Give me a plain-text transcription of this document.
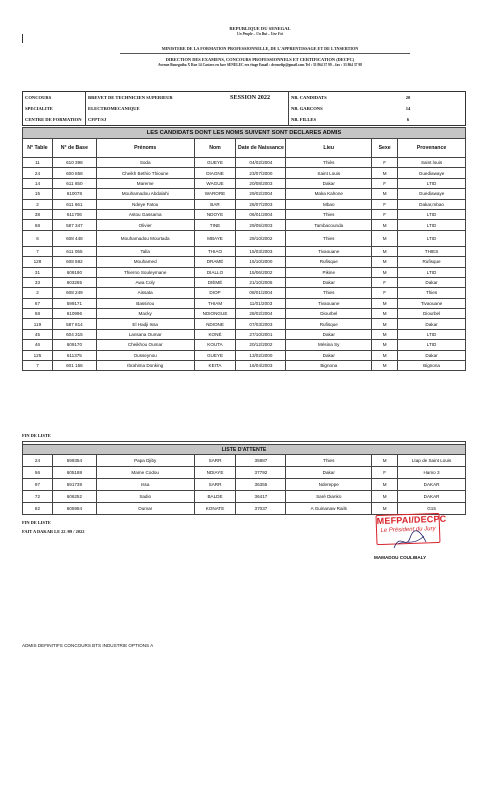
REPUBLIQUE DU SENEGAL
Un Peuple – Un But – Une Foi
MINISTERE DE LA FORMATION PROFESSIONNELLE, DE L'APPRENTISSAGE ET DE L'INSERTION
DIRECTION DES EXAMENS, CONCOURS PROFESSIONNELS ET CERTIFICATION (DECPC)
Avenue Bourguiba X Rue 14 Castors en face SENELEC rez étage Email : decmefip@gmail.com Tel : 33 864 37 99 – fax : 33 864 37 98
CONCOURS	BREVET DE TECHNICIEN SUPERIEUR	SESSION 2022	NB. CANDIDATS	20
SPECIALITE	ELECTROMECANIQUE		NB. GARCONS	14
CENTRE DE FORMATION	CFPT/SJ		NB. FILLES	6
LES CANDIDATS DONT LES NOMS SUIVENT SONT DECLARES ADMIS							
N° Table	N° de Base	Prénoms	Nom	Date de Naissance	Lieu	Sexe	Provenance
11	610 398	Soda	GUEYE	04/02/2004	Thiès	F	Saint louis
24	600 858	Cheikh Bethio Thioune	DIAGNE	23/07/2000	Saint Louis	M	Guediawaye
14	611 650	Mareme	WAGUE	20/08/2003	Dakar	F	LTID
15	610078	Mouhamadou Abdalahi	WARORE	29/02/2004	Maka Kahone	M	Guediawaye
2	611 661	Ndeye Fatou	BAR	26/07/2003	Mbao	F	Dakar,mbao
38	611706	Astou Gassama	NDOYE	06/01/2004	Thies	F	LTID
68	587 347	Olivier	TINE	29/05/2003	Tambacounda	M	LTID
6	608 448	Mouhamadou Mourtada	MBAYE	29/10/2002	Thies	M	LTID
7	611 055	Talla	THIAO	15/03/2003	Tivaouane	M	THIES
128	608 582	Mouhamed	DRAMÉ	15/10/2000	Rufisque	M	Rufisque
31	609190	Thierno Souleymane	DIALLO	15/06/2002	Pikine	M	LTID
33	603265	Awa Coly	DIÈMÉ	21/10/2005	Dakar	F	Dakar
2	608 249	Aissata	DIOP	08/01/2004	Thies	F	Thies
67	599171	Bassirou	THIAM	11/01/2003	Tivaouane	M	Tivaouane
58	610996	Macky	NDIONGUE	28/02/2004	Diourbel	M	Diourbel
119	587 814	El Hadji Issa	NDIONE	07/03/2003	Rufisque	M	Dakar
45	604 315	Lansana Oumar	KONÉ	27/10/2001	Dakar	M	LTID
46	609170	Cheikhou Oumar	KOUTA	20/12/2002	Mésina Sy	M	LTID
125	611375	Ousseynou	GUEYE	13/02/2000	Dakar	M	Dakar
7	601 156	Ibrahima Donking	KEITA	16/04/2003	Bignona	M	Bignona
FIN DE LISTE

LISTE D'ATTENTE							
24	599354	Papa Djiby	SARR	35887	Thies	M	Ltap de Saint Louis
56	605188	Mame Codou	NDIAYE	37792	Dakar	F	Hamo 3
97	591739	Issa	SARR	36355	Ndereppe	M	DAKAR
72	606252	Sadio	BALDE	36417	Saré Dianko	M	DAKAR
82	605984	Oumar	KONATE	37037	A Guinanaw Rails	M	G15
FIN DE LISTE
FAIT A DAKAR LE 22 /09 / 2022
MEFPAI/DECPC
Le Président du Jury
MAMADOU COULIBALY
ADMIS DEFINITIFS CONCOURS BTS INDUSTRIE OPTIONS A
